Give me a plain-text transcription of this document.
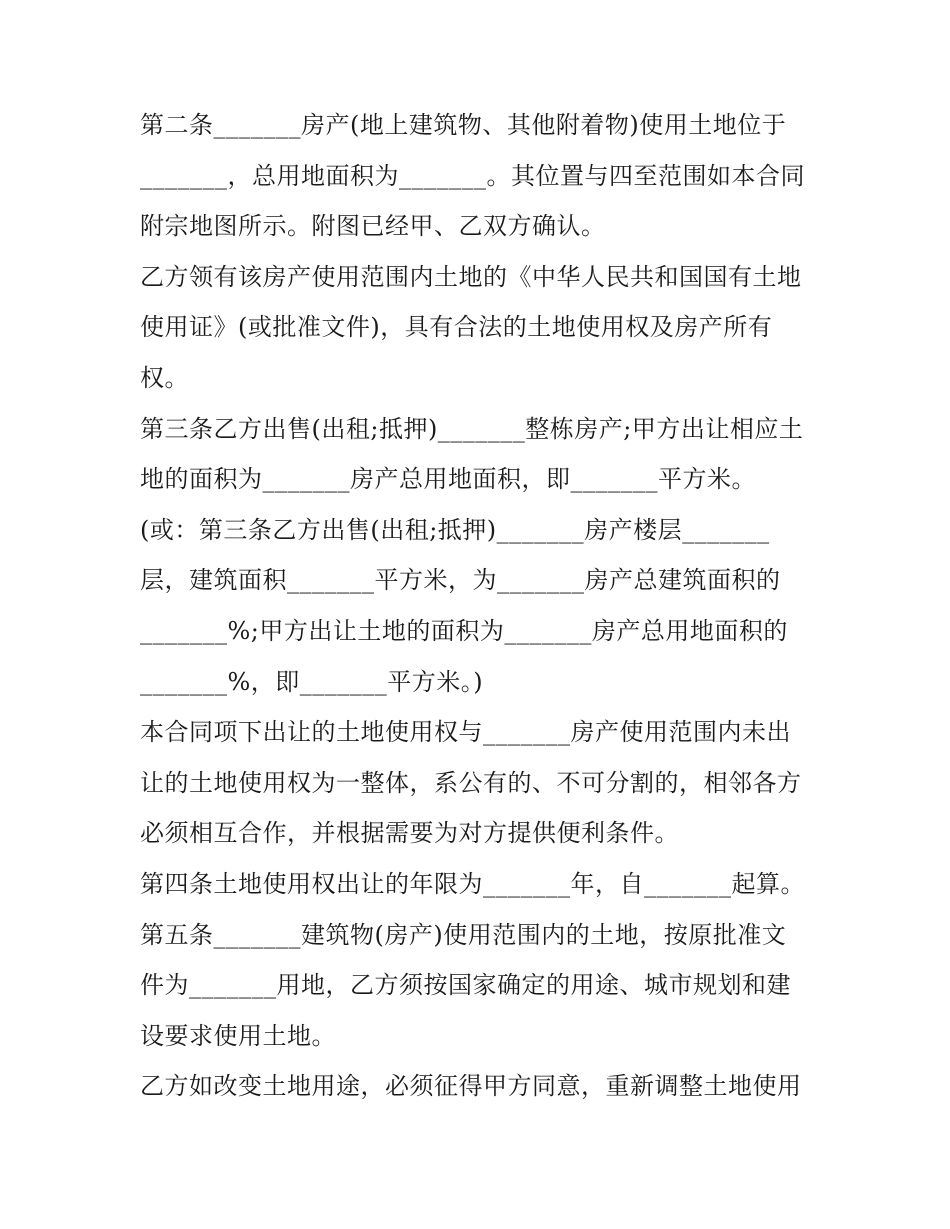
第二条_______房产(地上建筑物、其他附着物)使用土地位于

_______，总用地面积为_______。其位置与四至范围如本合同

附宗地图所示。附图已经甲、乙双方确认。

乙方领有该房产使用范围内土地的《中华人民共和国国有土地

使用证》(或批准文件)，具有合法的土地使用权及房产所有

权。

第三条乙方出售(出租;抵押)_______整栋房产;甲方出让相应土

地的面积为_______房产总用地面积，即_______平方米。

(或：第三条乙方出售(出租;抵押)_______房产楼层_______

层，建筑面积_______平方米，为_______房产总建筑面积的

_______%;甲方出让土地的面积为_______房产总用地面积的

_______%，即_______平方米。)

本合同项下出让的土地使用权与_______房产使用范围内未出

让的土地使用权为一整体，系公有的、不可分割的，相邻各方

必须相互合作，并根据需要为对方提供便利条件。

第四条土地使用权出让的年限为_______年，自_______起算。

第五条_______建筑物(房产)使用范围内的土地，按原批准文

件为_______用地，乙方须按国家确定的用途、城市规划和建

设要求使用土地。

乙方如改变土地用途，必须征得甲方同意，重新调整土地使用
